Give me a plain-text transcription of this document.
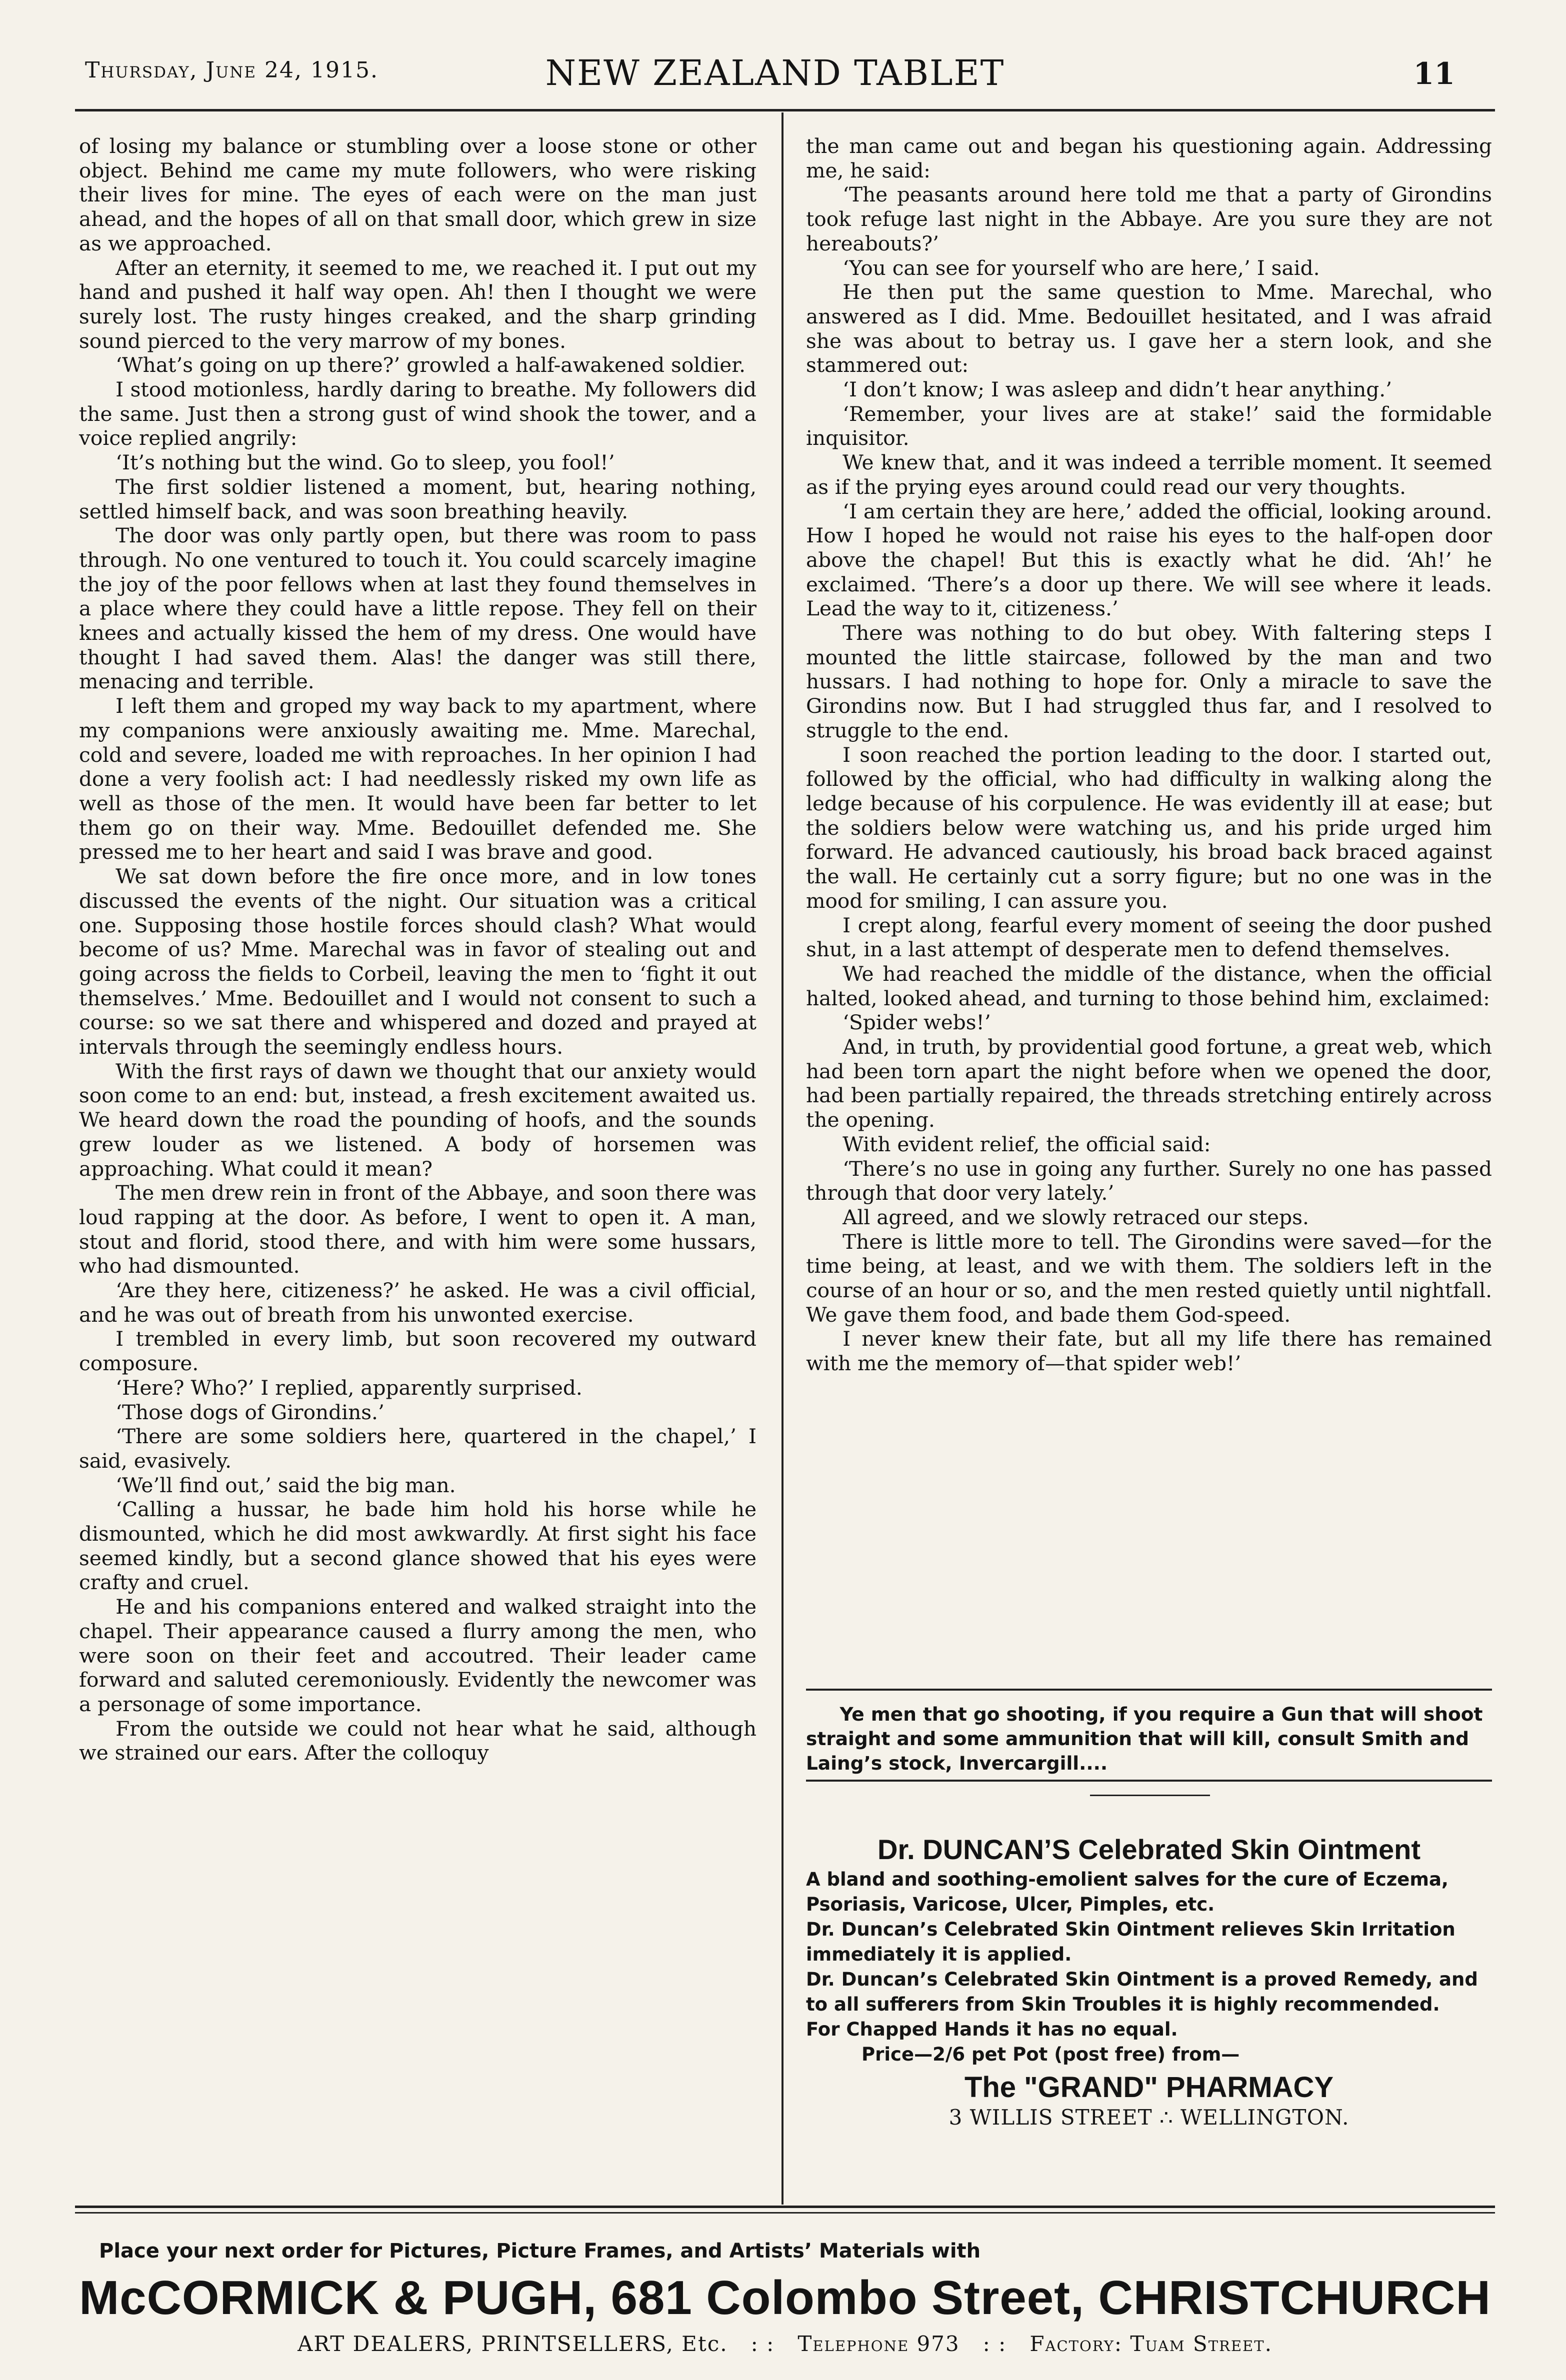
Thursday, June 24, 1915.	NEW ZEALAND TABLET	11

of losing my balance or stumbling over a loose stone or other object. Behind me came my mute followers, who were risking their lives for mine. The eyes of each were on the man just ahead, and the hopes of all on that small door, which grew in size as we approached.

After an eternity, it seemed to me, we reached it. I put out my hand and pushed it half way open. Ah! then I thought we were surely lost. The rusty hinges creaked, and the sharp grinding sound pierced to the very marrow of my bones.

‘What’s going on up there?’ growled a half-awakened soldier.

I stood motionless, hardly daring to breathe. My followers did the same. Just then a strong gust of wind shook the tower, and a voice replied angrily:

‘It’s nothing but the wind. Go to sleep, you fool!’

The first soldier listened a moment, but, hearing nothing, settled himself back, and was soon breathing heavily.

The door was only partly open, but there was room to pass through. No one ventured to touch it. You could scarcely imagine the joy of the poor fellows when at last they found themselves in a place where they could have a little repose. They fell on their knees and actually kissed the hem of my dress. One would have thought I had saved them. Alas! the danger was still there, menacing and terrible.

I left them and groped my way back to my apartment, where my companions were anxiously awaiting me. Mme. Marechal, cold and severe, loaded me with reproaches. In her opinion I had done a very foolish act: I had needlessly risked my own life as well as those of the men. It would have been far better to let them go on their way. Mme. Bedouillet defended me. She pressed me to her heart and said I was brave and good.

We sat down before the fire once more, and in low tones discussed the events of the night. Our situation was a critical one. Supposing those hostile forces should clash? What would become of us? Mme. Marechal was in favor of stealing out and going across the fields to Corbeil, leaving the men to ‘fight it out themselves.’ Mme. Bedouillet and I would not consent to such a course: so we sat there and whispered and dozed and prayed at intervals through the seemingly endless hours.

With the first rays of dawn we thought that our anxiety would soon come to an end: but, instead, a fresh excitement awaited us. We heard down the road the pounding of hoofs, and the sounds grew louder as we listened. A body of horsemen was approaching. What could it mean?

The men drew rein in front of the Abbaye, and soon there was loud rapping at the door. As before, I went to open it. A man, stout and florid, stood there, and with him were some hussars, who had dismounted.

‘Are they here, citizeness?’ he asked. He was a civil official, and he was out of breath from his unwonted exercise.

I trembled in every limb, but soon recovered my outward composure.

‘Here? Who?’ I replied, apparently surprised.

‘Those dogs of Girondins.’

‘There are some soldiers here, quartered in the chapel,’ I said, evasively.

‘We’ll find out,’ said the big man.

‘Calling a hussar, he bade him hold his horse while he dismounted, which he did most awkwardly. At first sight his face seemed kindly, but a second glance showed that his eyes were crafty and cruel.

He and his companions entered and walked straight into the chapel. Their appearance caused a flurry among the men, who were soon on their feet and accoutred. Their leader came forward and saluted ceremoniously. Evidently the newcomer was a personage of some importance.

From the outside we could not hear what he said, although we strained our ears. After the colloquy

the man came out and began his questioning again. Addressing me, he said:

‘The peasants around here told me that a party of Girondins took refuge last night in the Abbaye. Are you sure they are not hereabouts?’

‘You can see for yourself who are here,’ I said.

He then put the same question to Mme. Marechal, who answered as I did. Mme. Bedouillet hesitated, and I was afraid she was about to betray us. I gave her a stern look, and she stammered out:

‘I don’t know; I was asleep and didn’t hear anything.’

‘Remember, your lives are at stake!’ said the formidable inquisitor.

We knew that, and it was indeed a terrible moment. It seemed as if the prying eyes around could read our very thoughts.

‘I am certain they are here,’ added the official, looking around. How I hoped he would not raise his eyes to the half-open door above the chapel! But this is exactly what he did. ‘Ah!’ he exclaimed. ‘There’s a door up there. We will see where it leads. Lead the way to it, citizeness.’

There was nothing to do but obey. With faltering steps I mounted the little staircase, followed by the man and two hussars. I had nothing to hope for. Only a miracle to save the Girondins now. But I had struggled thus far, and I resolved to struggle to the end.

I soon reached the portion leading to the door. I started out, followed by the official, who had difficulty in walking along the ledge because of his corpulence. He was evidently ill at ease; but the soldiers below were watching us, and his pride urged him forward. He advanced cautiously, his broad back braced against the wall. He certainly cut a sorry figure; but no one was in the mood for smiling, I can assure you.

I crept along, fearful every moment of seeing the door pushed shut, in a last attempt of desperate men to defend themselves.

We had reached the middle of the distance, when the official halted, looked ahead, and turning to those behind him, exclaimed:

‘Spider webs!’

And, in truth, by providential good fortune, a great web, which had been torn apart the night before when we opened the door, had been partially repaired, the threads stretching entirely across the opening.

With evident relief, the official said:

‘There’s no use in going any further. Surely no one has passed through that door very lately.’

All agreed, and we slowly retraced our steps.

There is little more to tell. The Girondins were saved—for the time being, at least, and we with them. The soldiers left in the course of an hour or so, and the men rested quietly until nightfall. We gave them food, and bade them God-speed.

I never knew their fate, but all my life there has remained with me the memory of—that spider web!’

Ye men that go shooting, if you require a Gun that will shoot straight and some ammunition that will kill, consult Smith and Laing’s stock, Invercargill....

Dr. DUNCAN’S Celebrated Skin Ointment
A bland and soothing-emolient salves for the cure of Eczema, Psoriasis, Varicose, Ulcer, Pimples, etc.
Dr. Duncan’s Celebrated Skin Ointment relieves Skin Irritation immediately it is applied.
Dr. Duncan’s Celebrated Skin Ointment is a proved Remedy, and to all sufferers from Skin Troubles it is highly recommended.
For Chapped Hands it has no equal.
Price—2/6 pet Pot (post free) from—
The "GRAND" PHARMACY
3 WILLIS STREET ∴ WELLINGTON.
Place your next order for Pictures, Picture Frames, and Artists’ Materials with
McCORMICK & PUGH, 681 Colombo Street, CHRISTCHURCH
ART DEALERS, PRINTSELLERS, Etc.   : :   Telephone 973   : :   Factory: Tuam Street.
